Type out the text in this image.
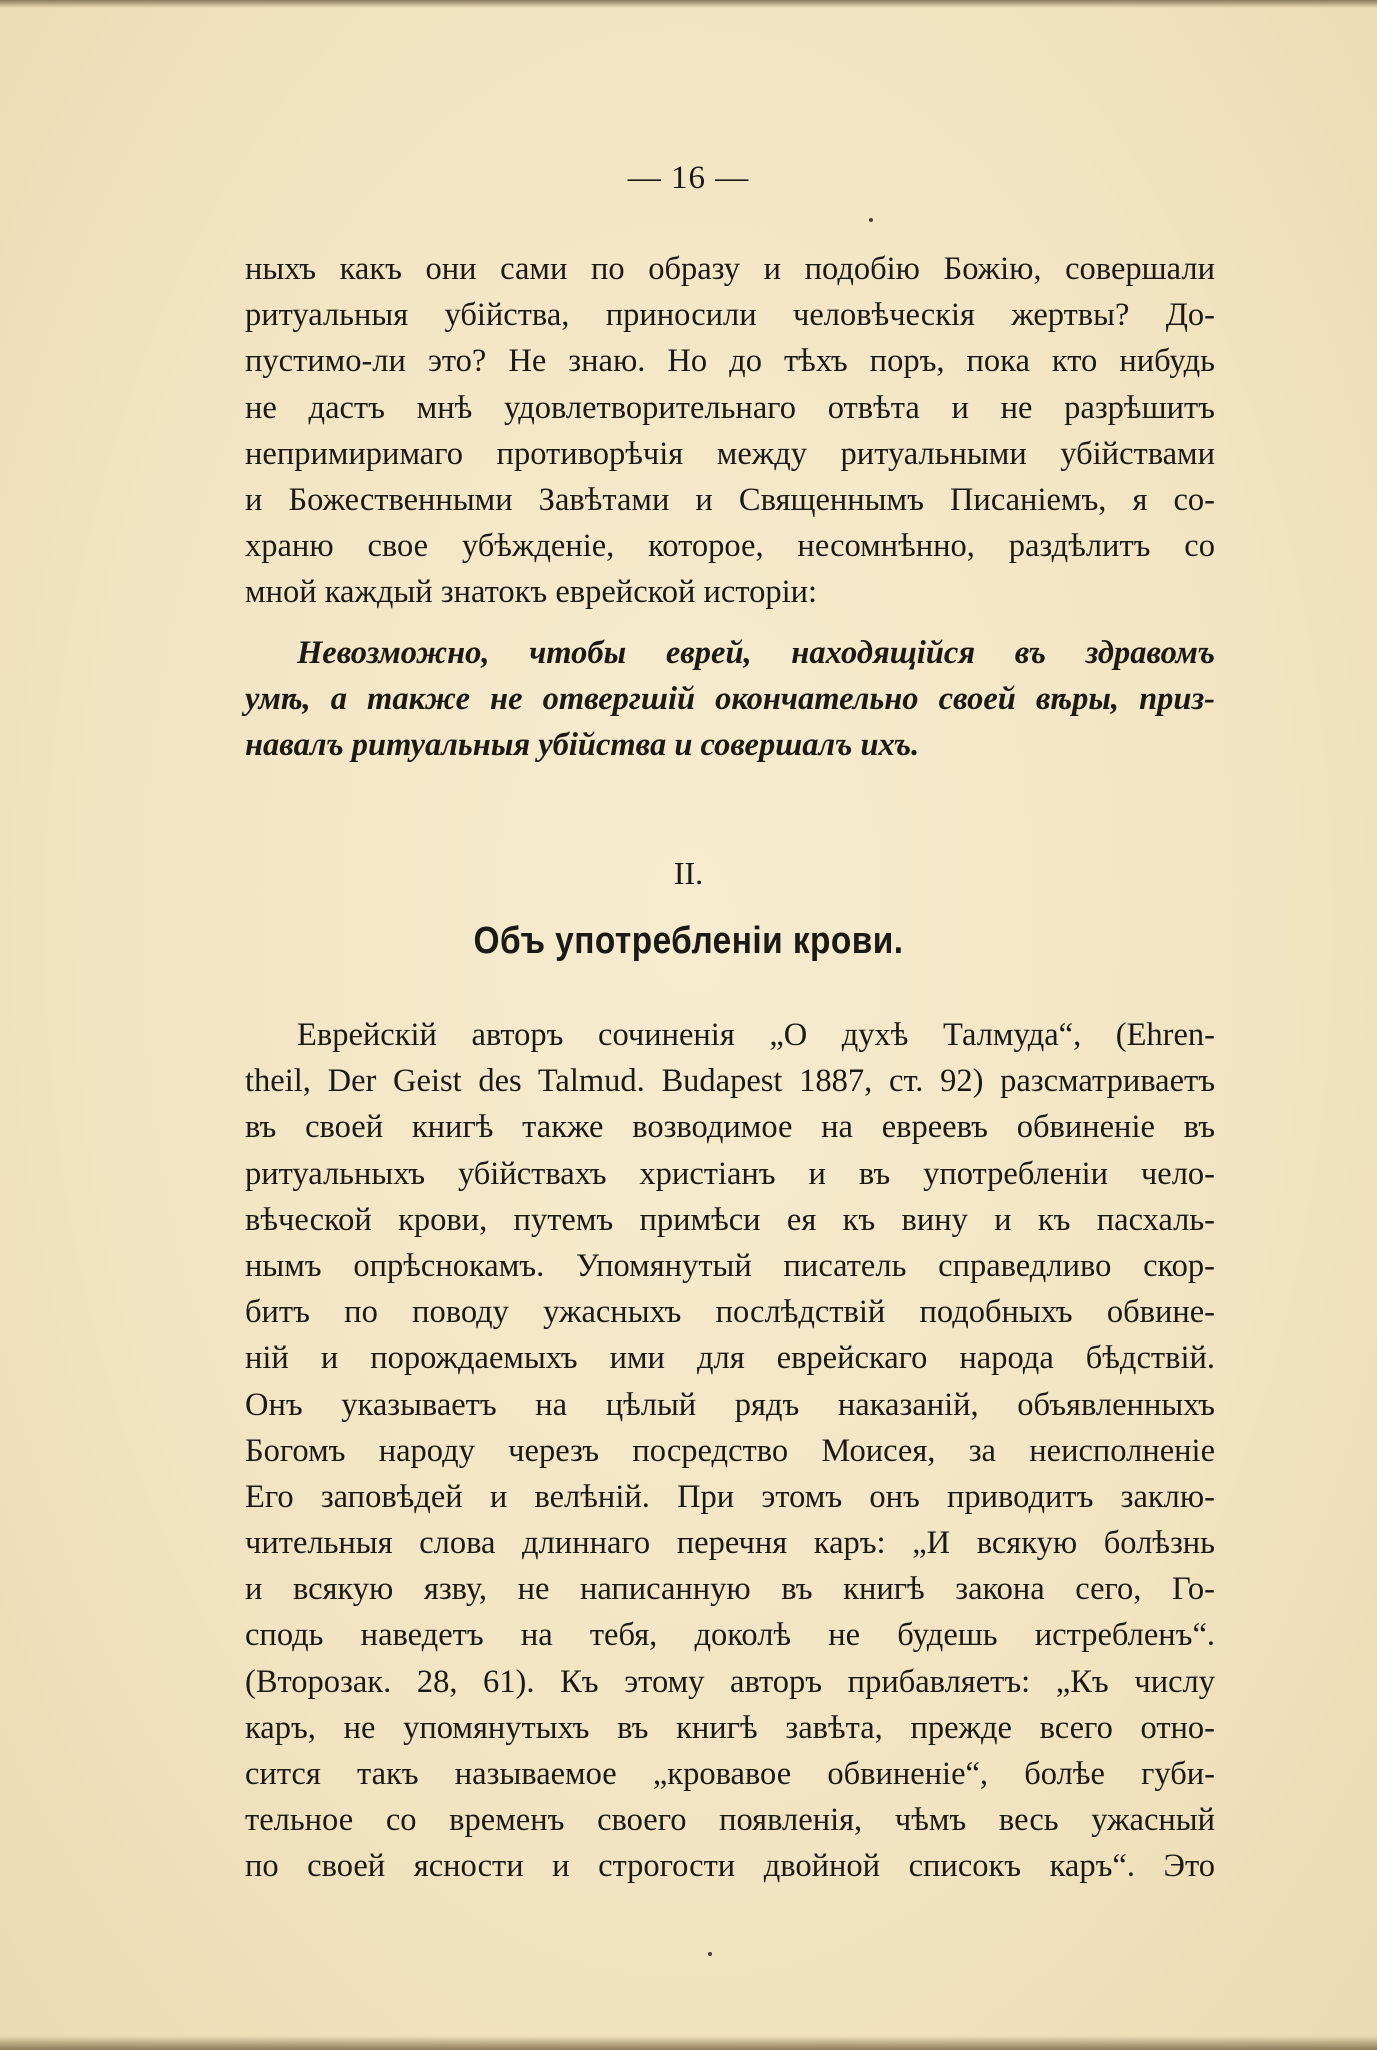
— 16 —
ныхъ какъ они сами по образу и подобію Божію, совершали
ритуальныя убійства, приносили человѣческія жертвы? До-
пустимо-ли это? Не знаю. Но до тѣхъ поръ, пока кто нибудь
не дастъ мнѣ удовлетворительнаго отвѣта и не разрѣшитъ
непримиримаго противорѣчія между ритуальными убійствами
и Божественными Завѣтами и Священнымъ Писаніемъ, я со-
храню свое убѣжденіе, которое, несомнѣнно, раздѣлитъ со
мной каждый знатокъ еврейской исторіи:
Невозможно, чтобы еврей, находящійся въ здравомъ
умѣ, а также не отвергшій окончательно своей вѣры, приз-
навалъ ритуальныя убійства и совершалъ ихъ.
II.
Объ употребленіи крови.
Еврейскій авторъ сочиненія „О духѣ Талмуда“, (Ehren-
theil, Der Geist des Talmud. Budapest 1887, ст. 92) разсматриваетъ
въ своей книгѣ также возводимое на евреевъ обвиненіе въ
ритуальныхъ убійствахъ христіанъ и въ употребленіи чело-
вѣческой крови, путемъ примѣси ея къ вину и къ пасхаль-
нымъ опрѣснокамъ. Упомянутый писатель справедливо скор-
битъ по поводу ужасныхъ послѣдствій подобныхъ обвине-
ній и порождаемыхъ ими для еврейскаго народа бѣдствій.
Онъ указываетъ на цѣлый рядъ наказаній, объявленныхъ
Богомъ народу черезъ посредство Моисея, за неисполненіе
Его заповѣдей и велѣній. При этомъ онъ приводитъ заклю-
чительныя слова длиннаго перечня каръ: „И всякую болѣзнь
и всякую язву, не написанную въ книгѣ закона сего, Го-
сподь наведетъ на тебя, доколѣ не будешь истребленъ“.
(Второзак. 28, 61). Къ этому авторъ прибавляетъ: „Къ числу
каръ, не упомянутыхъ въ книгѣ завѣта, прежде всего отно-
сится такъ называемое „кровавое обвиненіе“, болѣе губи-
тельное со временъ своего появленія, чѣмъ весь ужасный
по своей ясности и строгости двойной списокъ каръ“. Это
